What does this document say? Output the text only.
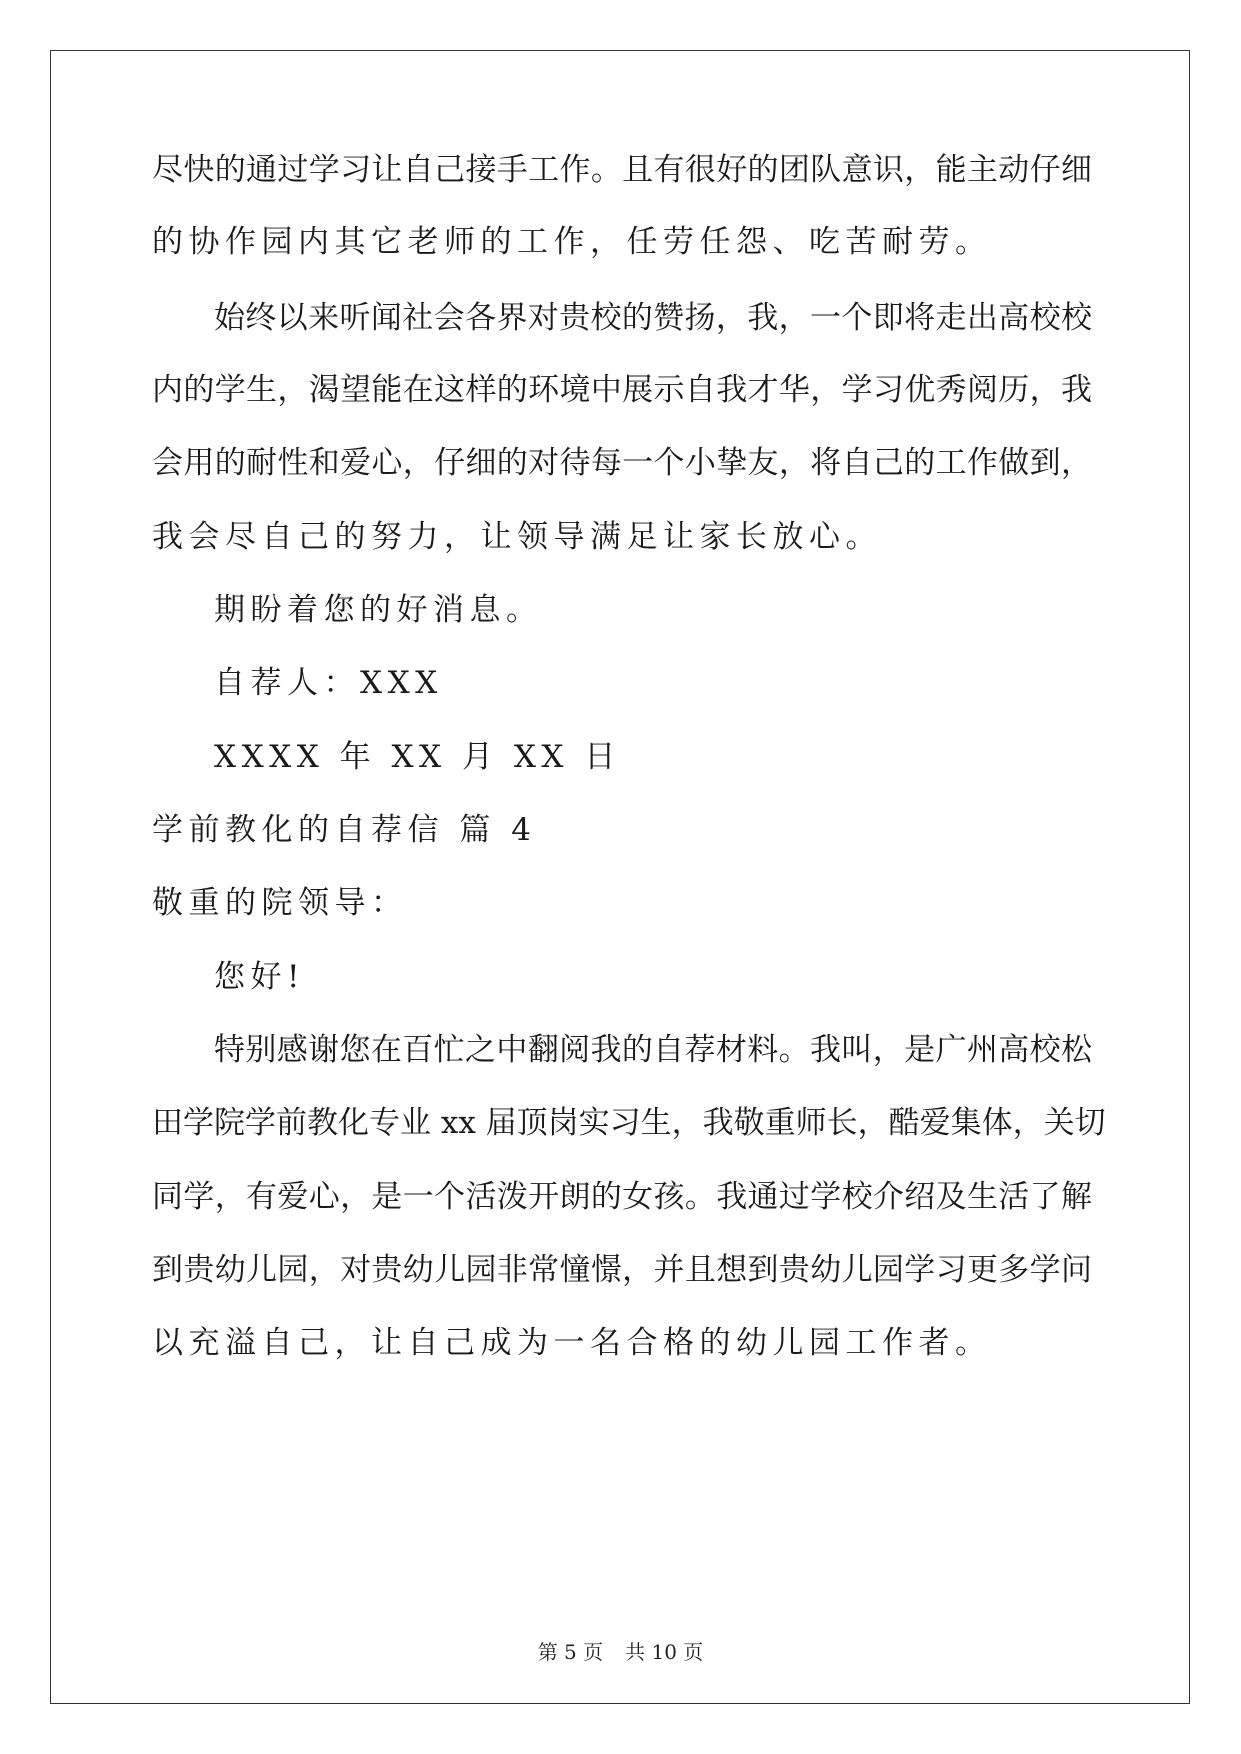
尽快的通过学习让自己接手工作。且有很好的团队意识，能主动仔细
的协作园内其它老师的工作，任劳任怨、吃苦耐劳。
始终以来听闻社会各界对贵校的赞扬，我，一个即将走出高校校
内的学生，渴望能在这样的环境中展示自我才华，学习优秀阅历，我
会用的耐性和爱心，仔细的对待每一个小挚友，将自己的工作做到，
我会尽自己的努力，让领导满足让家长放心。
期盼着您的好消息。
自荐人：XXX
XXXX 年 XX 月 XX 日
学前教化的自荐信 篇 4
敬重的院领导：
您好!
特别感谢您在百忙之中翻阅我的自荐材料。我叫，是广州高校松
田学院学前教化专业 xx 届顶岗实习生，我敬重师长，酷爱集体，关切
同学，有爱心，是一个活泼开朗的女孩。我通过学校介绍及生活了解
到贵幼儿园，对贵幼儿园非常憧憬，并且想到贵幼儿园学习更多学问
以充溢自己，让自己成为一名合格的幼儿园工作者。
第 5 页 共 10 页
